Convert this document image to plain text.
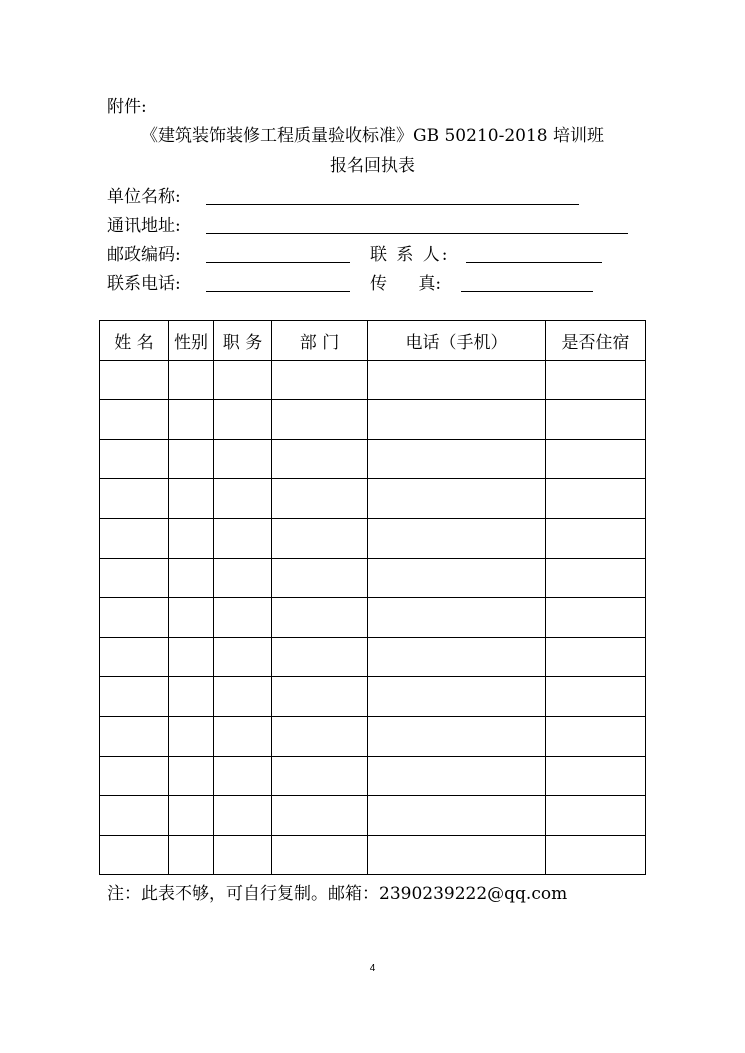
附件:
《建筑装饰装修工程质量验收标准》GB 50210-2018 培训班
报名回执表
单位名称:
通讯地址:
邮政编码:	联 系 人:
联系电话:	传 真:
姓 名	性别	职 务	部 门	电话（手机）	是否住宿

注：此表不够，可自行复制。邮箱：2390239222@qq.com
4
